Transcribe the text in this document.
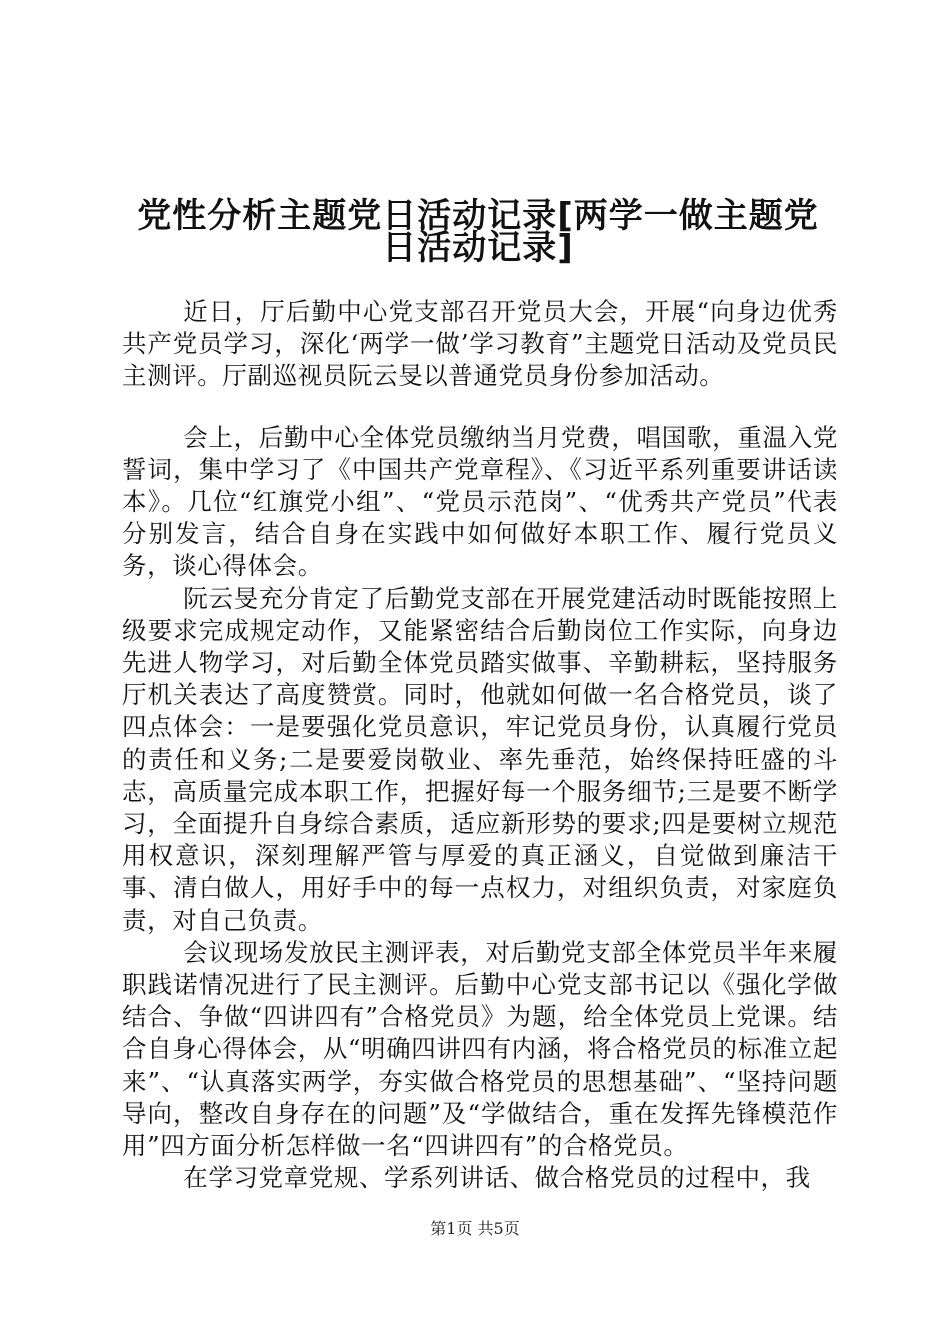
党性分析主题党日活动记录[两学一做主题党
日活动记录]

近日，厅后勤中心党支部召开党员大会，开展“向身边优秀共产党员学习，深化‘两学一做’学习教育”主题党日活动及党员民主测评。厅副巡视员阮云旻以普通党员身份参加活动。

会上，后勤中心全体党员缴纳当月党费，唱国歌，重温入党誓词，集中学习了《中国共产党章程》、《习近平系列重要讲话读本》。几位“红旗党小组”、“党员示范岗”、“优秀共产党员”代表分别发言，结合自身在实践中如何做好本职工作、履行党员义务，谈心得体会。

阮云旻充分肯定了后勤党支部在开展党建活动时既能按照上级要求完成规定动作，又能紧密结合后勤岗位工作实际，向身边先进人物学习，对后勤全体党员踏实做事、辛勤耕耘，坚持服务厅机关表达了高度赞赏。同时，他就如何做一名合格党员，谈了四点体会：一是要强化党员意识，牢记党员身份，认真履行党员的责任和义务;二是要爱岗敬业、率先垂范，始终保持旺盛的斗志，高质量完成本职工作，把握好每一个服务细节;三是要不断学习，全面提升自身综合素质，适应新形势的要求;四是要树立规范用权意识，深刻理解严管与厚爱的真正涵义，自觉做到廉洁干事、清白做人，用好手中的每一点权力，对组织负责，对家庭负责，对自己负责。

会议现场发放民主测评表，对后勤党支部全体党员半年来履职践诺情况进行了民主测评。后勤中心党支部书记以《强化学做结合、争做“四讲四有”合格党员》为题，给全体党员上党课。结合自身心得体会，从“明确四讲四有内涵，将合格党员的标准立起来”、“认真落实两学，夯实做合格党员的思想基础”、“坚持问题导向，整改自身存在的问题”及“学做结合，重在发挥先锋模范作用”四方面分析怎样做一名“四讲四有”的合格党员。

在学习党章党规、学系列讲话、做合格党员的过程中，我

第1页 共5页
